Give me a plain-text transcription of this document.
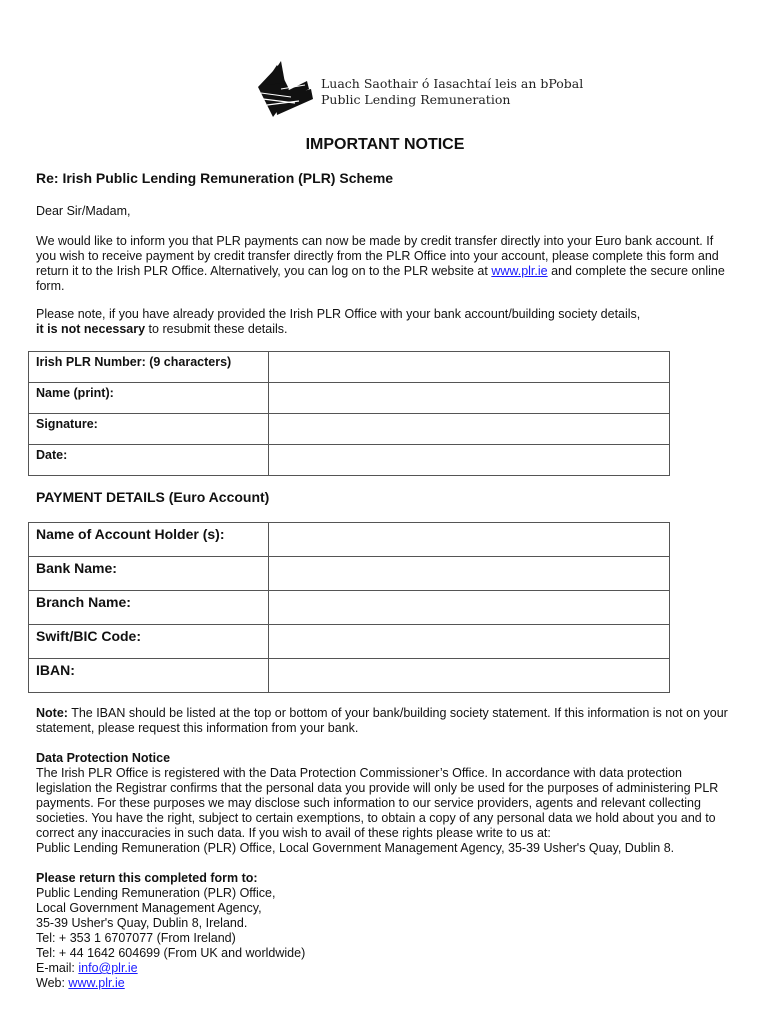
Luach Saothair ó Iasachtaí leis an bPobal
Public Lending Remuneration
IMPORTANT NOTICE
Re: Irish Public Lending Remuneration (PLR) Scheme
Dear Sir/Madam,
We would like to inform you that PLR payments can now be made by credit transfer directly into your Euro bank account. If you wish to receive payment by credit transfer directly from the PLR Office into your account, please complete this form and return it to the Irish PLR Office. Alternatively, you can log on to the PLR website at www.plr.ie and complete the secure online form.
Please note, if you have already provided the Irish PLR Office with your bank account/building society details,
it is not necessary to resubmit these details.
Irish PLR Number: (9 characters)	
Name (print):	
Signature:	
Date:	
PAYMENT DETAILS (Euro Account)
Name of Account Holder (s):	
Bank Name:	
Branch Name:	
Swift/BIC Code:	
IBAN:	
Note: The IBAN should be listed at the top or bottom of your bank/building society statement. If this information is not on your statement, please request this information from your bank.
Data Protection Notice
The Irish PLR Office is registered with the Data Protection Commissioner’s Office. In accordance with data protection legislation the Registrar confirms that the personal data you provide will only be used for the purposes of administering PLR payments. For these purposes we may disclose such information to our service providers, agents and relevant collecting societies. You have the right, subject to certain exemptions, to obtain a copy of any personal data we hold about you and to correct any inaccuracies in such data. If you wish to avail of these rights please write to us at:
Public Lending Remuneration (PLR) Office, Local Government Management Agency, 35-39 Usher's Quay, Dublin 8.
Please return this completed form to:
Public Lending Remuneration (PLR) Office,
Local Government Management Agency,
35-39 Usher's Quay, Dublin 8, Ireland.
Tel: + 353 1 6707077 (From Ireland)
Tel: + 44 1642 604699 (From UK and worldwide)
E-mail: info@plr.ie
Web: www.plr.ie
